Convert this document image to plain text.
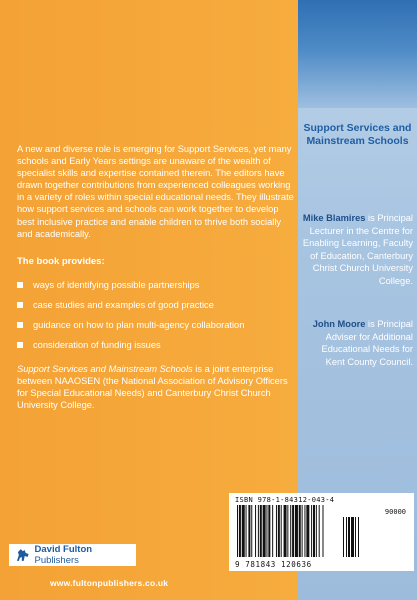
A new and diverse role is emerging for Support Services, yet many schools and Early Years settings are unaware of the wealth of specialist skills and expertise contained therein. The editors have drawn together contributions from experienced colleagues working in a variety of roles within special educational needs. They illustrate how support services and schools can work together to develop best inclusive practice and enable children to thrive both socially and academically.

The book provides:
ways of identifying possible partnerships
case studies and examples of good practice
guidance on how to plan multi-agency collaboration
consideration of funding issues

Support Services and Mainstream Schools is a joint enterprise between NAAOSEN (the National Association of Advisory Officers for Special Educational Needs) and Canterbury Christ Church University College.

David Fulton Publishers
www.fultonpublishers.co.uk
Support Services and Mainstream Schools

Mike Blamires is Principal Lecturer in the Centre for Enabling Learning, Faculty of Education, Canterbury Christ Church University College.

John Moore is Principal Adviser for Additional Educational Needs for Kent County Council.

ISBN 978-1-84312-043-4
90000
9 781843 120636
